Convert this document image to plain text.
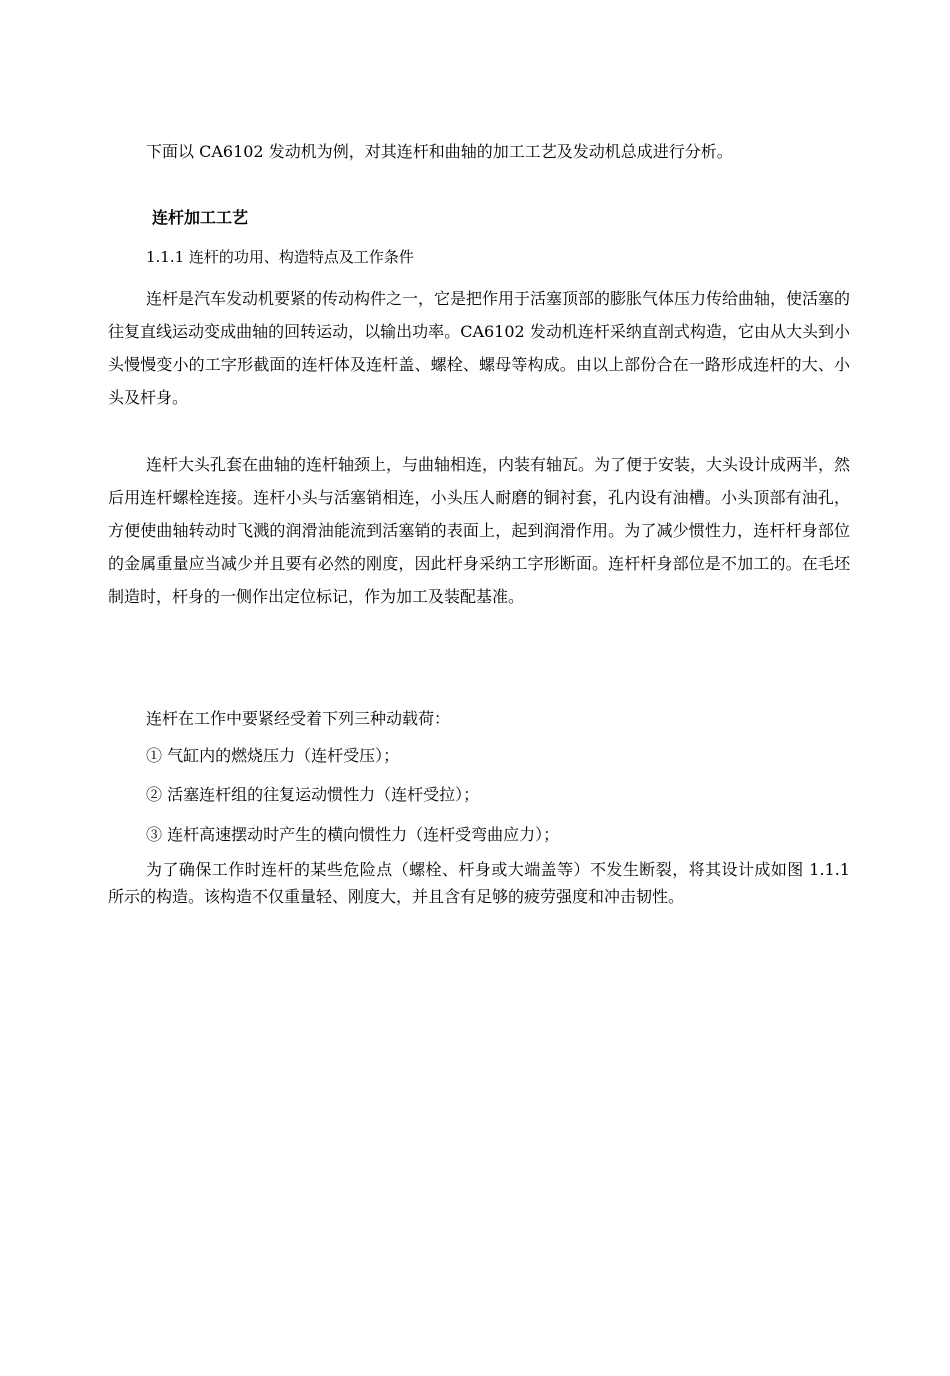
下面以 CA6102 发动机为例，对其连杆和曲轴的加工工艺及发动机总成进行分析。
连杆加工工艺
1.1.1 连杆的功用、构造特点及工作条件

连杆是汽车发动机要紧的传动构件之一，它是把作用于活塞顶部的膨胀气体压力传给曲轴，使活塞的往复直线运动变成曲轴的回转运动，以输出功率。CA6102 发动机连杆采纳直剖式构造，它由从大头到小头慢慢变小的工字形截面的连杆体及连杆盖、螺栓、螺母等构成。由以上部份合在一路形成连杆的大、小头及杆身。

连杆大头孔套在曲轴的连杆轴颈上，与曲轴相连，内装有轴瓦。为了便于安装，大头设计成两半，然后用连杆螺栓连接。连杆小头与活塞销相连，小头压人耐磨的铜衬套，孔内设有油槽。小头顶部有油孔，方便使曲轴转动时飞溅的润滑油能流到活塞销的表面上，起到润滑作用。为了减少惯性力，连杆杆身部位的金属重量应当减少并且要有必然的刚度，因此杆身采纳工字形断面。连杆杆身部位是不加工的。在毛坯制造时，杆身的一侧作出定位标记，作为加工及装配基准。

连杆在工作中要紧经受着下列三种动载荷：

① 气缸内的燃烧压力（连杆受压）；
② 活塞连杆组的往复运动惯性力（连杆受拉）；
③ 连杆高速摆动时产生的横向惯性力（连杆受弯曲应力）；

为了确保工作时连杆的某些危险点（螺栓、杆身或大端盖等）不发生断裂，将其设计成如图 1.1.1 所示的构造。该构造不仅重量轻、刚度大，并且含有足够的疲劳强度和冲击韧性。
